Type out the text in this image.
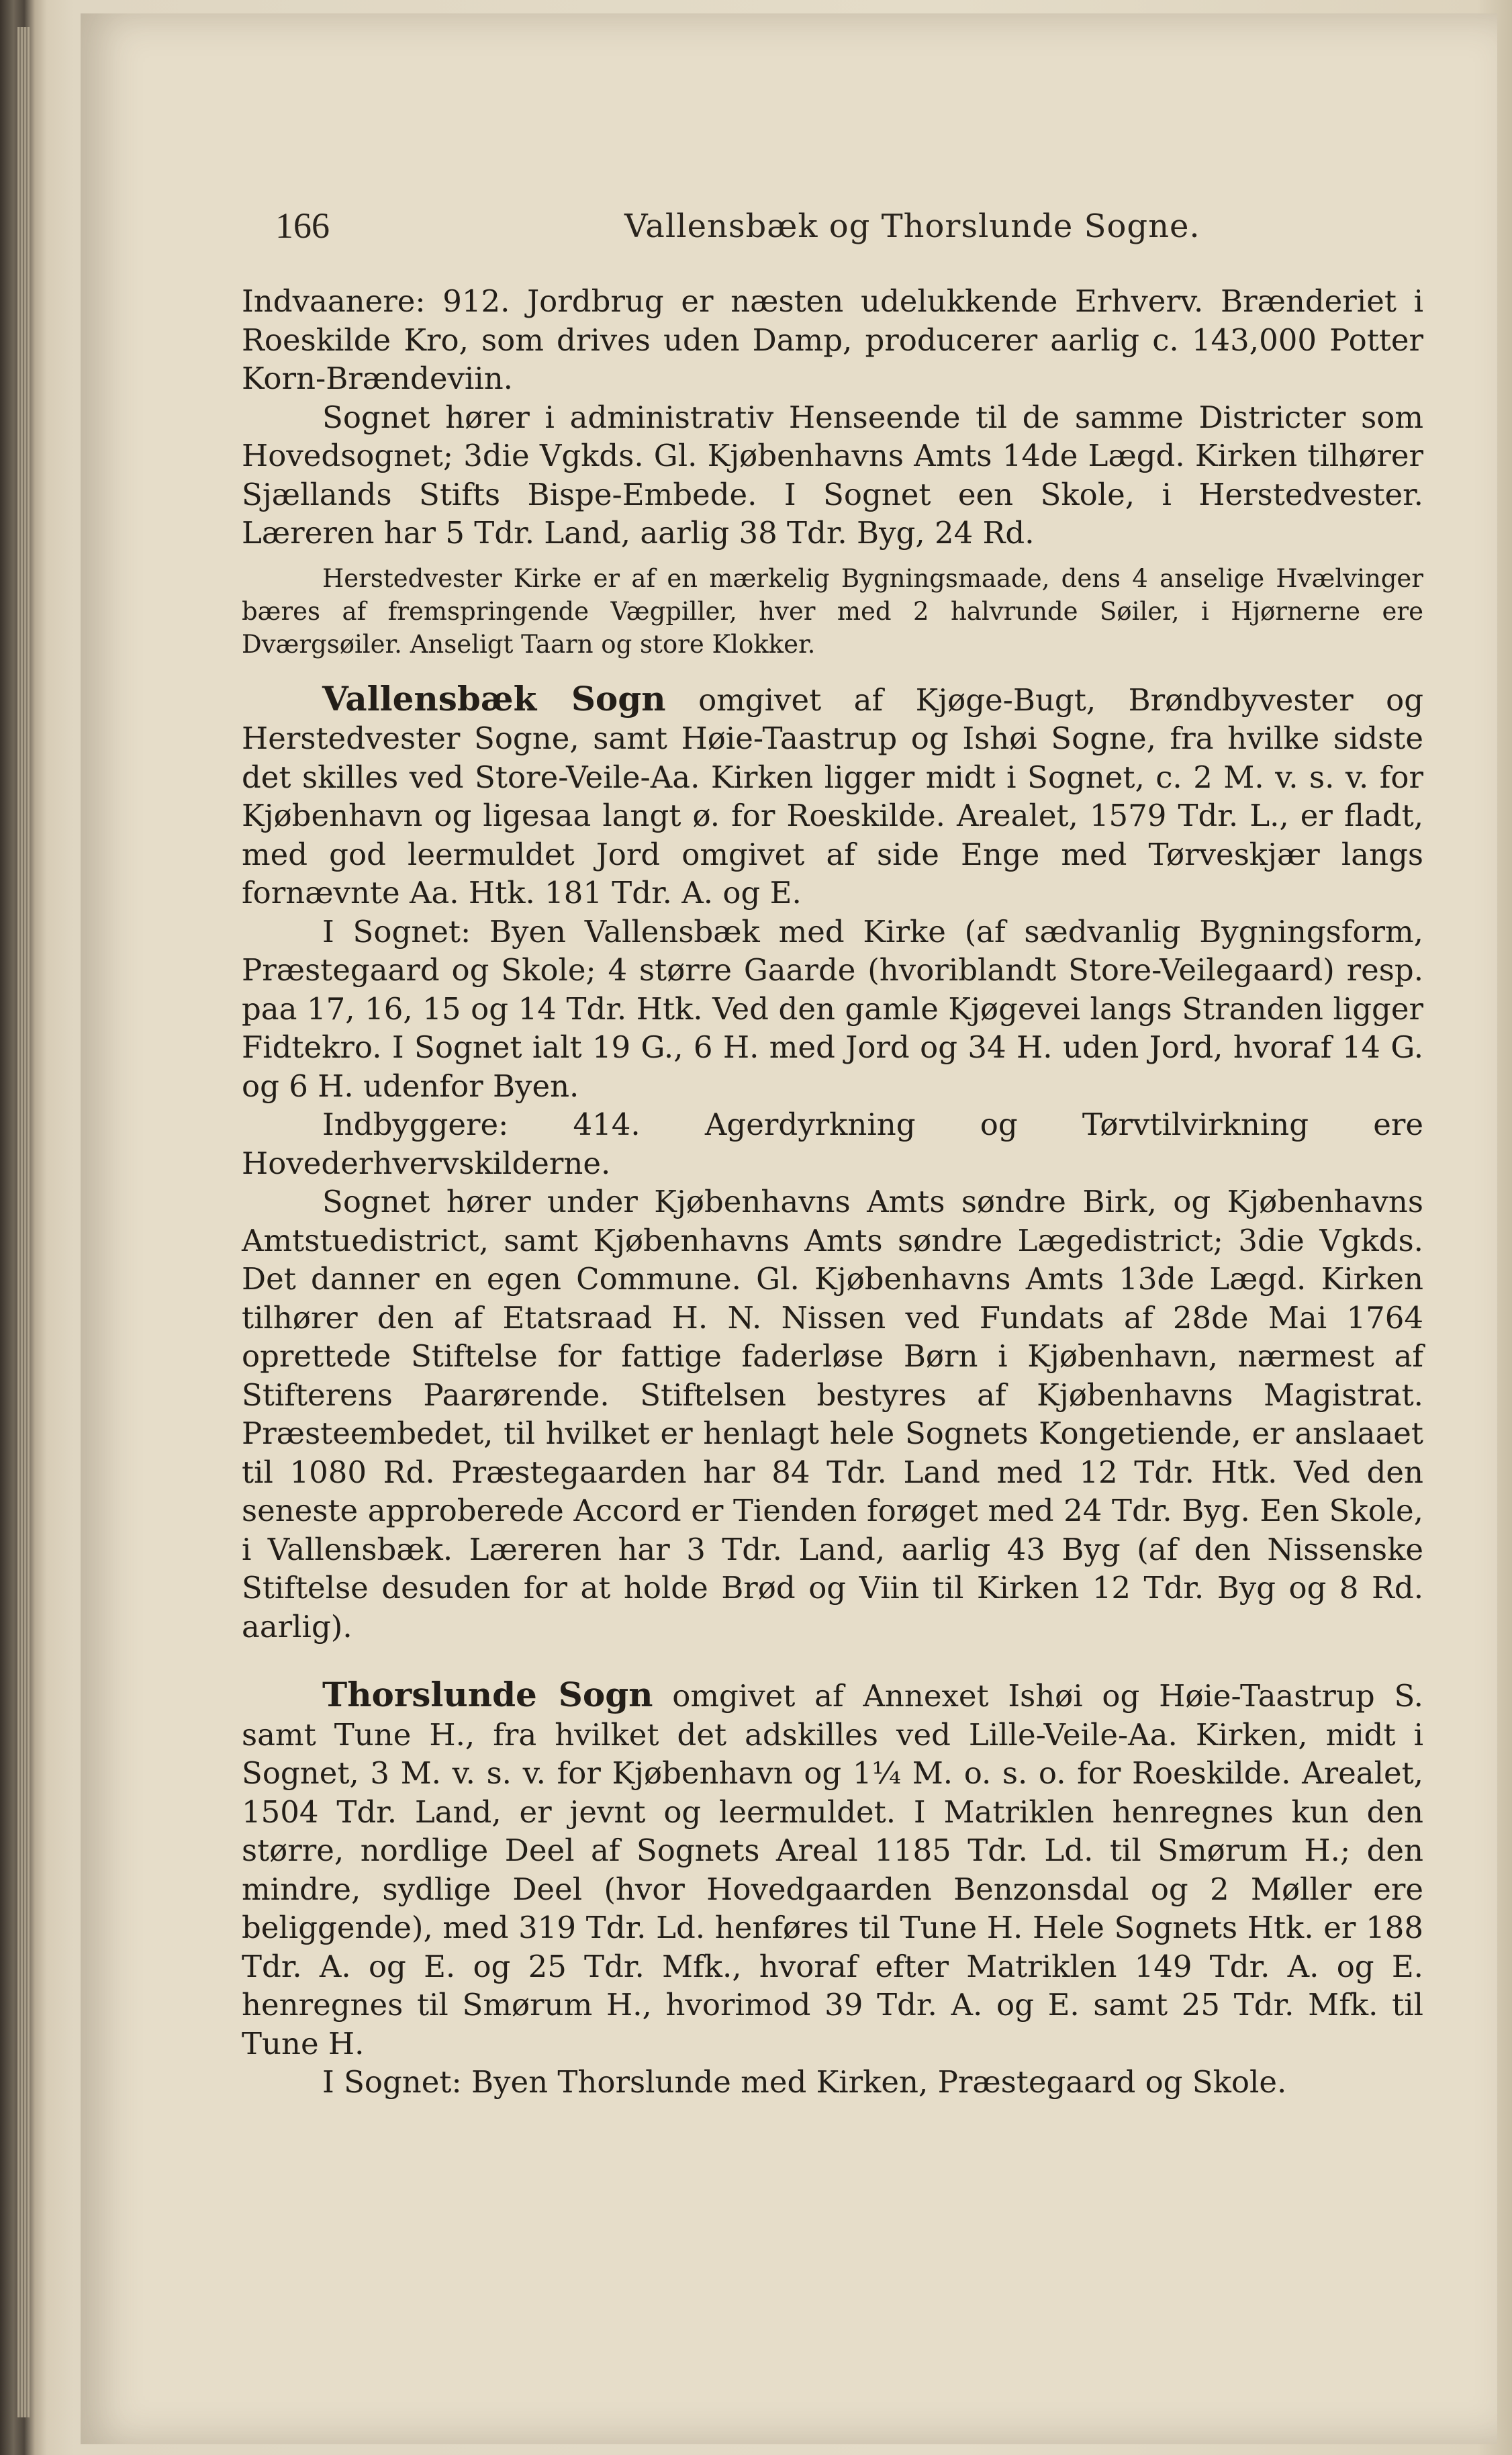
166	Vallensbæk og Thorslunde Sogne.

Indvaanere: 912. Jordbrug er næsten udelukkende Erhverv. Brænderiet i Roeskilde Kro, som drives uden Damp, producerer aarlig c. 143,000 Potter Korn-Brændeviin.

Sognet hører i administrativ Henseende til de samme Districter som Hovedsognet; 3die Vgkds. Gl. Kjøbenhavns Amts 14de Lægd. Kirken tilhører Sjællands Stifts Bispe-Embede. I Sognet een Skole, i Herstedvester. Læreren har 5 Tdr. Land, aarlig 38 Tdr. Byg, 24 Rd.

Herstedvester Kirke er af en mærkelig Bygningsmaade, dens 4 anselige Hvælvinger bæres af fremspringende Vægpiller, hver med 2 halvrunde Søiler, i Hjørnerne ere Dværgsøiler. Anseligt Taarn og store Klokker.

Vallensbæk Sogn omgivet af Kjøge-Bugt, Brøndbyvester og Herstedvester Sogne, samt Høie-Taastrup og Ishøi Sogne, fra hvilke sidste det skilles ved Store-Veile-Aa. Kirken ligger midt i Sognet, c. 2 M. v. s. v. for Kjøbenhavn og ligesaa langt ø. for Roeskilde. Arealet, 1579 Tdr. L., er fladt, med god leermuldet Jord omgivet af side Enge med Tørveskjær langs fornævnte Aa. Htk. 181 Tdr. A. og E.

I Sognet: Byen Vallensbæk med Kirke (af sædvanlig Bygningsform, Præstegaard og Skole; 4 større Gaarde (hvoriblandt Store-Veilegaard) resp. paa 17, 16, 15 og 14 Tdr. Htk. Ved den gamle Kjøgevei langs Stranden ligger Fidtekro. I Sognet ialt 19 G., 6 H. med Jord og 34 H. uden Jord, hvoraf 14 G. og 6 H. udenfor Byen.

Indbyggere: 414. Agerdyrkning og Tørvtilvirkning ere Hovederhvervskilderne.

Sognet hører under Kjøbenhavns Amts søndre Birk, og Kjøbenhavns Amtstuedistrict, samt Kjøbenhavns Amts søndre Lægedistrict; 3die Vgkds. Det danner en egen Commune. Gl. Kjøbenhavns Amts 13de Lægd. Kirken tilhører den af Etatsraad H. N. Nissen ved Fundats af 28de Mai 1764 oprettede Stiftelse for fattige faderløse Børn i Kjøbenhavn, nærmest af Stifterens Paarørende. Stiftelsen bestyres af Kjøbenhavns Magistrat. Præsteembedet, til hvilket er henlagt hele Sognets Kongetiende, er anslaaet til 1080 Rd. Præstegaarden har 84 Tdr. Land med 12 Tdr. Htk. Ved den seneste approberede Accord er Tienden forøget med 24 Tdr. Byg. Een Skole, i Vallensbæk. Læreren har 3 Tdr. Land, aarlig 43 Byg (af den Nissenske Stiftelse desuden for at holde Brød og Viin til Kirken 12 Tdr. Byg og 8 Rd. aarlig).

Thorslunde Sogn omgivet af Annexet Ishøi og Høie-Taastrup S. samt Tune H., fra hvilket det adskilles ved Lille-Veile-Aa. Kirken, midt i Sognet, 3 M. v. s. v. for Kjøbenhavn og 1¼ M. o. s. o. for Roeskilde. Arealet, 1504 Tdr. Land, er jevnt og leermuldet. I Matriklen henregnes kun den større, nordlige Deel af Sognets Areal 1185 Tdr. Ld. til Smørum H.; den mindre, sydlige Deel (hvor Hovedgaarden Benzonsdal og 2 Møller ere beliggende), med 319 Tdr. Ld. henføres til Tune H. Hele Sognets Htk. er 188 Tdr. A. og E. og 25 Tdr. Mfk., hvoraf efter Matriklen 149 Tdr. A. og E. henregnes til Smørum H., hvorimod 39 Tdr. A. og E. samt 25 Tdr. Mfk. til Tune H.

I Sognet: Byen Thorslunde med Kirken, Præstegaard og Skole.
